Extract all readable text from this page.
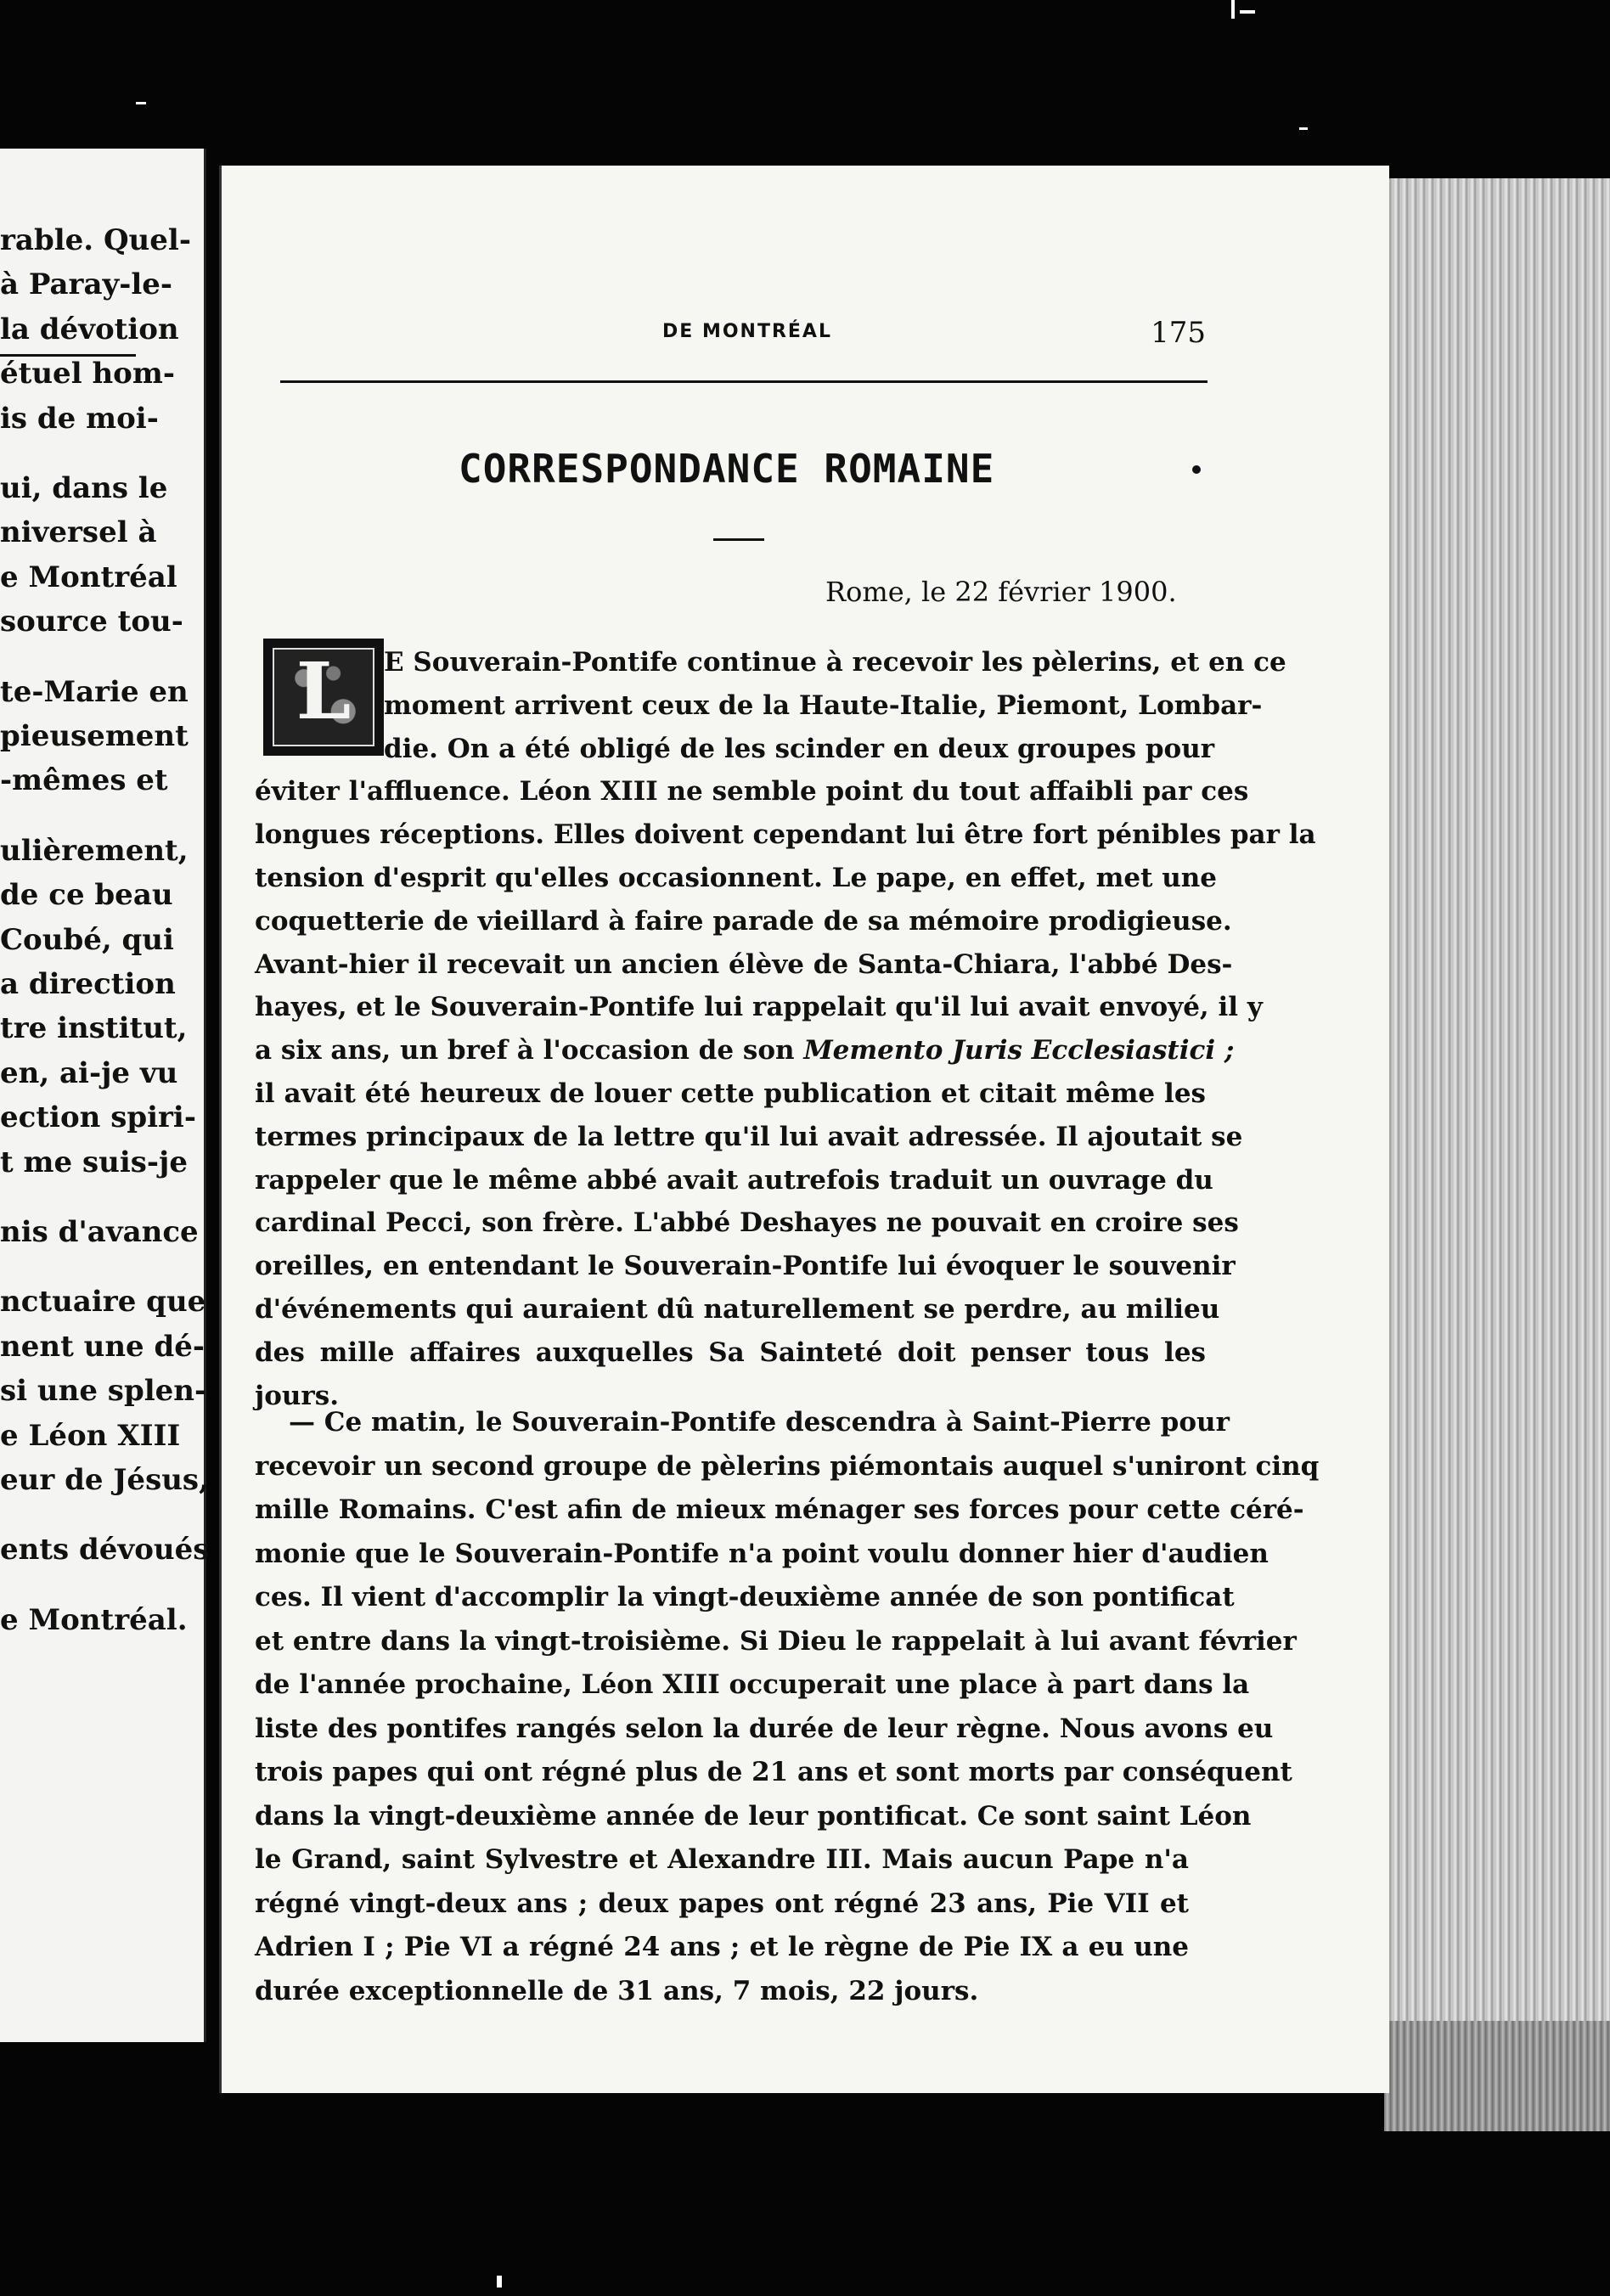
rable. Quel-
à Paray-le-
la dévotion
étuel hom-
is de moi-
ui, dans le
niversel à
e Montréal
source tou-
te-Marie en
pieusement
-mêmes et
ulièrement,
de ce beau
Coubé, qui
a direction
tre institut,
en, ai-je vu
ection spiri-
t me suis-je
nis d'avance
nctuaire que
nent une dé-
si une splen-
e Léon XIII
eur de Jésus,
ents dévoués
e Montréal.
DE MONTRÉAL	175
CORRESPONDANCE ROMAINE
Rome, le 22 février 1900.
L	E Souverain-Pontife continue à recevoir les pèlerins, et en ce
moment arrivent ceux de la Haute-Italie, Piemont, Lombar-
die. On a été obligé de les scinder en deux groupes pour
éviter l'affluence. Léon XIII ne semble point du tout affaibli par ces
longues réceptions. Elles doivent cependant lui être fort pénibles par la
tension d'esprit qu'elles occasionnent. Le pape, en effet, met une
coquetterie de vieillard à faire parade de sa mémoire prodigieuse.
Avant-hier il recevait un ancien élève de Santa-Chiara, l'abbé Des-
hayes, et le Souverain-Pontife lui rappelait qu'il lui avait envoyé, il y
a six ans, un bref à l'occasion de son Memento Juris Ecclesiastici ;
il avait été heureux de louer cette publication et citait même les
termes principaux de la lettre qu'il lui avait adressée. Il ajoutait se
rappeler que le même abbé avait autrefois traduit un ouvrage du
cardinal Pecci, son frère. L'abbé Deshayes ne pouvait en croire ses
oreilles, en entendant le Souverain-Pontife lui évoquer le souvenir
d'événements qui auraient dû naturellement se perdre, au milieu
des mille affaires auxquelles Sa Sainteté doit penser tous les
jours.
— Ce matin, le Souverain-Pontife descendra à Saint-Pierre pour
recevoir un second groupe de pèlerins piémontais auquel s'uniront cinq
mille Romains. C'est afin de mieux ménager ses forces pour cette céré-
monie que le Souverain-Pontife n'a point voulu donner hier d'audien
ces. Il vient d'accomplir la vingt-deuxième année de son pontificat
et entre dans la vingt-troisième. Si Dieu le rappelait à lui avant février
de l'année prochaine, Léon XIII occuperait une place à part dans la
liste des pontifes rangés selon la durée de leur règne. Nous avons eu
trois papes qui ont régné plus de 21 ans et sont morts par conséquent
dans la vingt-deuxième année de leur pontificat. Ce sont saint Léon
le Grand, saint Sylvestre et Alexandre III. Mais aucun Pape n'a
régné vingt-deux ans ; deux papes ont régné 23 ans, Pie VII et
Adrien I ; Pie VI a régné 24 ans ; et le règne de Pie IX a eu une
durée exceptionnelle de 31 ans, 7 mois, 22 jours.
